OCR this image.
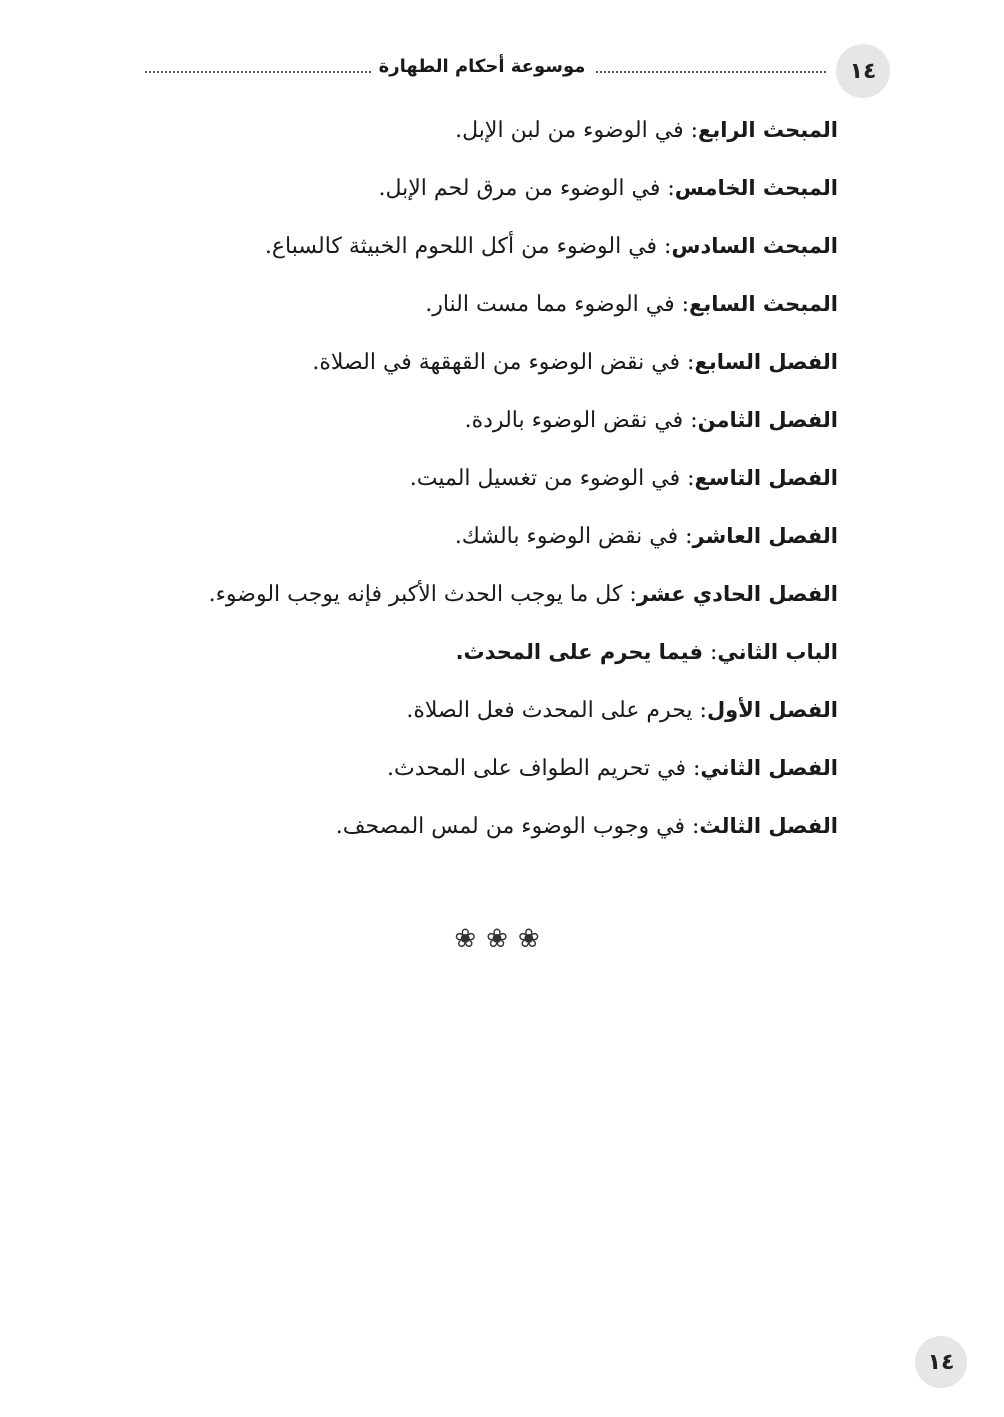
موسوعة أحكام الطهارة	١٤
المبحث الرابع: في الوضوء من لبن الإبل.
المبحث الخامس: في الوضوء من مرق لحم الإبل.
المبحث السادس: في الوضوء من أكل اللحوم الخبيثة كالسباع.
المبحث السابع: في الوضوء مما مست النار.
الفصل السابع: في نقض الوضوء من القهقهة في الصلاة.
الفصل الثامن: في نقض الوضوء بالردة.
الفصل التاسع: في الوضوء من تغسيل الميت.
الفصل العاشر: في نقض الوضوء بالشك.
الفصل الحادي عشر: كل ما يوجب الحدث الأكبر فإنه يوجب الوضوء.
الباب الثاني: فيما يحرم على المحدث.
الفصل الأول: يحرم على المحدث فعل الصلاة.
الفصل الثاني: في تحريم الطواف على المحدث.
الفصل الثالث: في وجوب الوضوء من لمس المصحف.
❀❀❀
١٤
